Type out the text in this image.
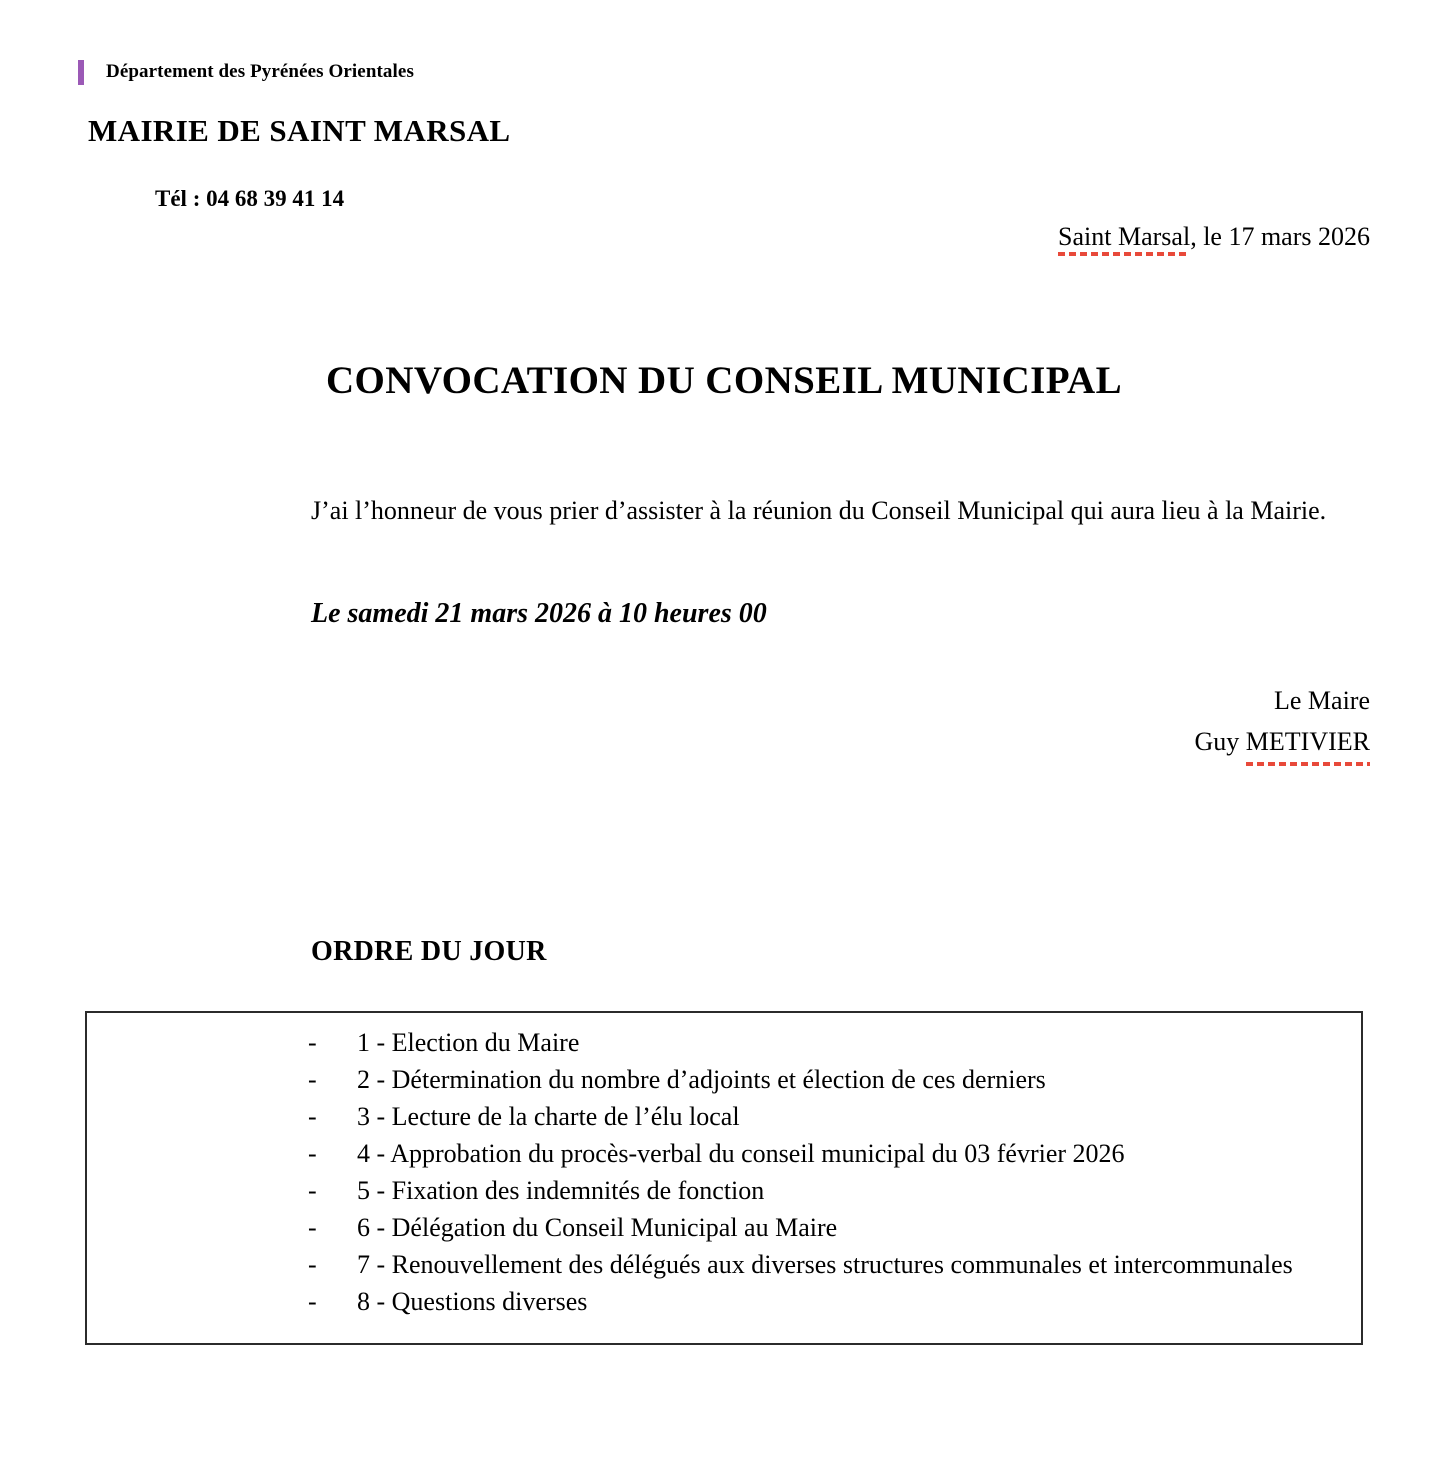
Département des Pyrénées Orientales
MAIRIE DE SAINT MARSAL
Tél : 04 68 39 41 14
Saint Marsal, le 17 mars 2026
CONVOCATION DU CONSEIL MUNICIPAL
J’ai l’honneur de vous prier d’assister à la réunion du Conseil Municipal qui aura lieu à la Mairie.
Le samedi 21 mars 2026 à 10 heures 00
Le Maire
Guy METIVIER
ORDRE DU JOUR
- 1 - Election du Maire
- 2 - Détermination du nombre d’adjoints et élection de ces derniers
- 3 - Lecture de la charte de l’élu local
- 4 - Approbation du procès-verbal du conseil municipal du 03 février 2026
- 5 - Fixation des indemnités de fonction
- 6 - Délégation du Conseil Municipal au Maire
- 7 - Renouvellement des délégués aux diverses structures communales et intercommunales
- 8 - Questions diverses
